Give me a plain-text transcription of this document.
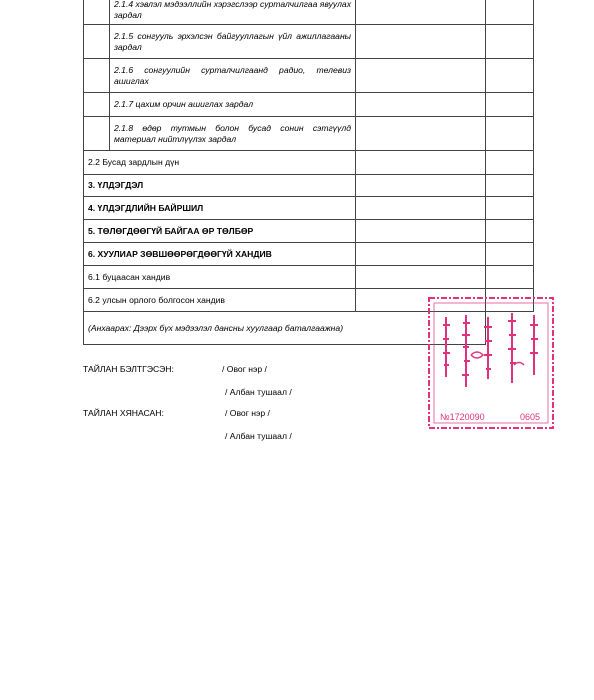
	2.1.4 хэвлэл мэдээллийн хэрэгслээр сурталчилгаа явуулах зардал		
	2.1.5 сонгууль эрхэлсэн байгууллагын үйл ажиллагааны зардал		
	2.1.6 сонгуулийн сурталчилгаанд радио, телевиз ашиглах		
	2.1.7 цахим орчин ашиглах зардал		
	2.1.8 өдөр тутмын болон бусад сонин сэтгүүлд материал нийтлүүлэх зардал		
2.2 Бусад зардлын дүн			
3. ҮЛДЭГДЭЛ			
4. ҮЛДЭГДЛИЙН БАЙРШИЛ			
5. ТӨЛӨГДӨӨГҮЙ БАЙГАА ӨР ТӨЛБӨР			
6. ХУУЛИАР ЗӨВШӨӨРӨГДӨӨГҮЙ ХАНДИВ			
6.1 буцаасан хандив			
6.2 улсын орлого болгосон хандив			
(Анхаарах: Дээрх бүх мэдээлэл дансны хуулгаар баталгаажна)			
ТАЙЛАН БЭЛТГЭСЭН:	/ Овог нэр /
/ Албан тушаал /
ТАЙЛАН ХЯНАСАН:	/ Овог нэр /
/ Албан тушаал /
№1720090	0605
